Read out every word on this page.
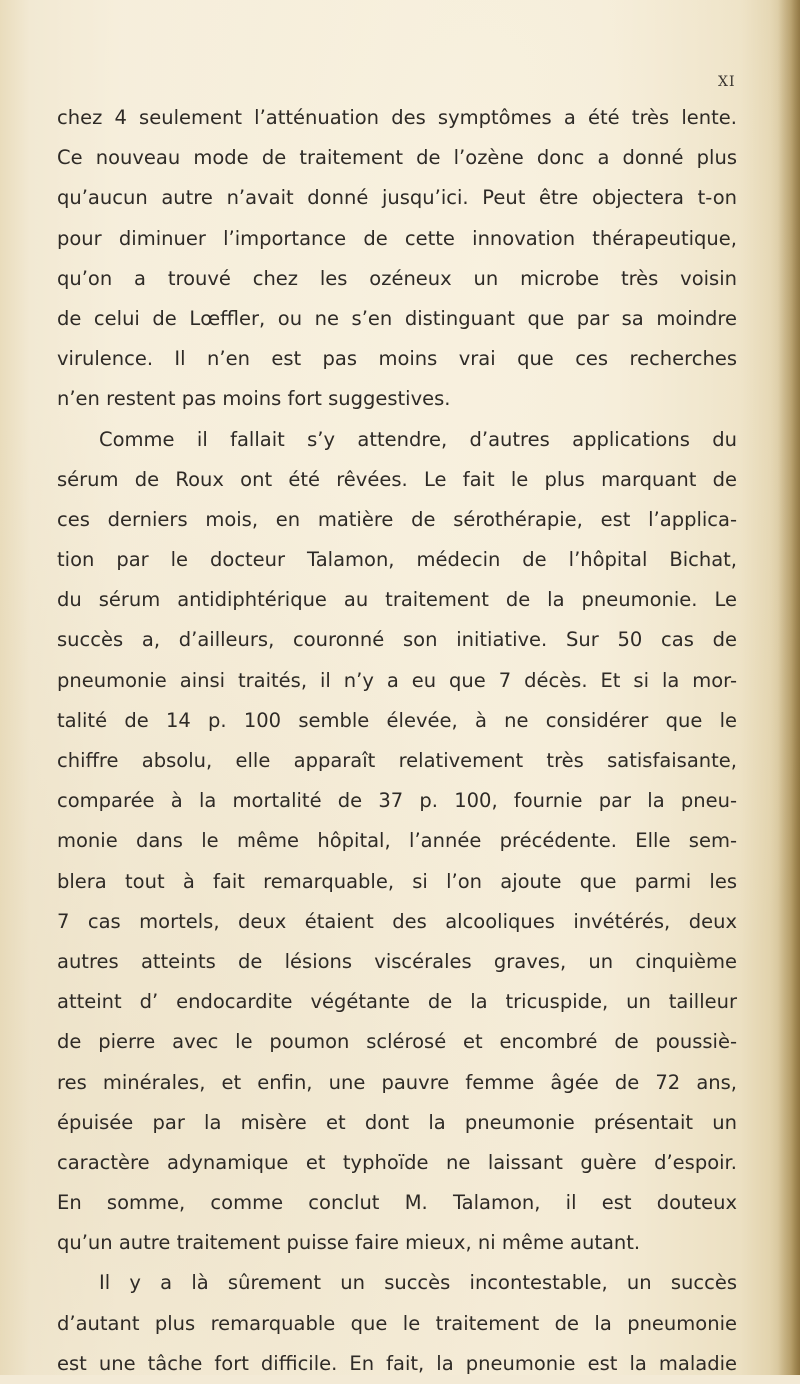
XI
chez 4 seulement l’atténuation des symptômes a été très lente.
Ce nouveau mode de traitement de l’ozène donc a donné plus
qu’aucun autre n’avait donné jusqu’ici. Peut être objectera t-on
pour diminuer l’importance de cette innovation thérapeutique,
qu’on a trouvé chez les ozéneux un microbe très voisin
de celui de Lœffler, ou ne s’en distinguant que par sa moindre
virulence. Il n’en est pas moins vrai que ces recherches
n’en restent pas moins fort suggestives.
Comme il fallait s’y attendre, d’autres applications du
sérum de Roux ont été rêvées. Le fait le plus marquant de
ces derniers mois, en matière de sérothérapie, est l’applica-
tion par le docteur Talamon, médecin de l’hôpital Bichat,
du sérum antidiphtérique au traitement de la pneumonie. Le
succès a, d’ailleurs, couronné son initiative. Sur 50 cas de
pneumonie ainsi traités, il n’y a eu que 7 décès. Et si la mor-
talité de 14 p. 100 semble élevée, à ne considérer que le
chiffre absolu, elle apparaît relativement très satisfaisante,
comparée à la mortalité de 37 p. 100, fournie par la pneu-
monie dans le même hôpital, l’année précédente. Elle sem-
blera tout à fait remarquable, si l’on ajoute que parmi les
7 cas mortels, deux étaient des alcooliques invétérés, deux
autres atteints de lésions viscérales graves, un cinquième
atteint d’ endocardite végétante de la tricuspide, un tailleur
de pierre avec le poumon sclérosé et encombré de poussiè-
res minérales, et enfin, une pauvre femme âgée de 72 ans,
épuisée par la misère et dont la pneumonie présentait un
caractère adynamique et typhoïde ne laissant guère d’espoir.
En somme, comme conclut M. Talamon, il est douteux
qu’un autre traitement puisse faire mieux, ni même autant.
Il y a là sûrement un succès incontestable, un succès
d’autant plus remarquable que le traitement de la pneumonie
est une tâche fort difficile. En fait, la pneumonie est la maladie
